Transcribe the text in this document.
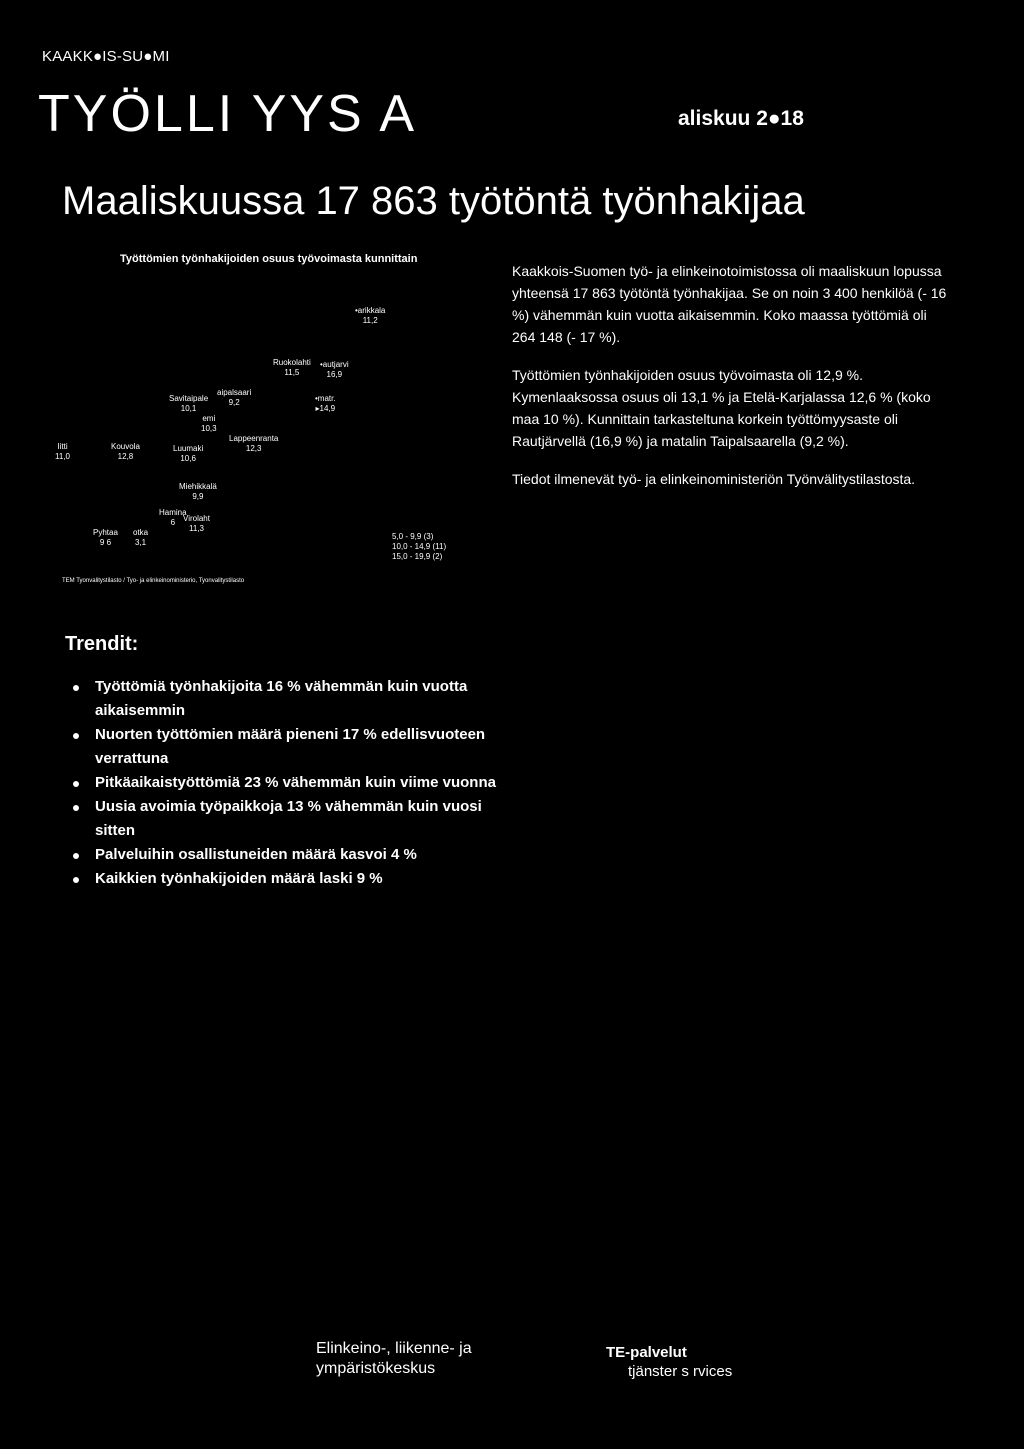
KAAKK●IS-SU●MI
TYÖLLI YYS A	aliskuu 2●18
Maaliskuussa 17 863 työtöntä työnhakijaa
Työttömien työnhakijoiden osuus työvoimasta kunnittain
•arikkala
11,2
Ruokolahti
11,5
•autjarvi
16,9
aipalsaari
9,2
Savitaipale
10,1
•matr.
▸14,9
emi
10,3
Lappeenranta
12,3
Iitti
11,0
Kouvola
12,8
Luumaki
10,6
Miehikkalä
9,9
Hamina
6 Virolaht
11,3
Pyhtaa
9 6
otka
3,1
5,0 - 9,9 (3)
10,0 - 14,9 (11)
15,0 - 19,9 (2)
TEM Tyonvalitystilasto / Tyo- ja elinkeinoministerio, Tyonvalitystilasto

Kaakkois-Suomen työ- ja elinkeinotoimistossa oli maaliskuun lopussa yhteensä 17 863 työtöntä työnhakijaa. Se on noin 3 400 henkilöä (- 16 %) vähemmän kuin vuotta aikaisemmin. Koko maassa työttömiä oli 264 148 (- 17 %).

Työttömien työnhakijoiden osuus työvoimasta oli 12,9 %. Kymenlaaksossa osuus oli 13,1 % ja Etelä-Karjalassa 12,6 % (koko maa 10 %). Kunnittain tarkasteltuna korkein työttömyysaste oli Rautjärvellä (16,9 %) ja matalin Taipalsaarella (9,2 %).

Tiedot ilmenevät työ- ja elinkeinoministeriön Työnvälitystilastosta.

Trendit:
Työttömiä työnhakijoita 16 % vähemmän kuin vuotta aikaisemmin
Nuorten työttömien määrä pieneni 17 % edellisvuoteen verrattuna
Pitkäaikaistyöttömiä 23 % vähemmän kuin viime vuonna
Uusia avoimia työpaikkoja 13 % vähemmän kuin vuosi sitten
Palveluihin osallistuneiden määrä kasvoi 4 %
Kaikkien työnhakijoiden määrä laski 9 %
Elinkeino-, liikenne- ja ympäristökeskus
TE-palvelut
tjänster s rvices
